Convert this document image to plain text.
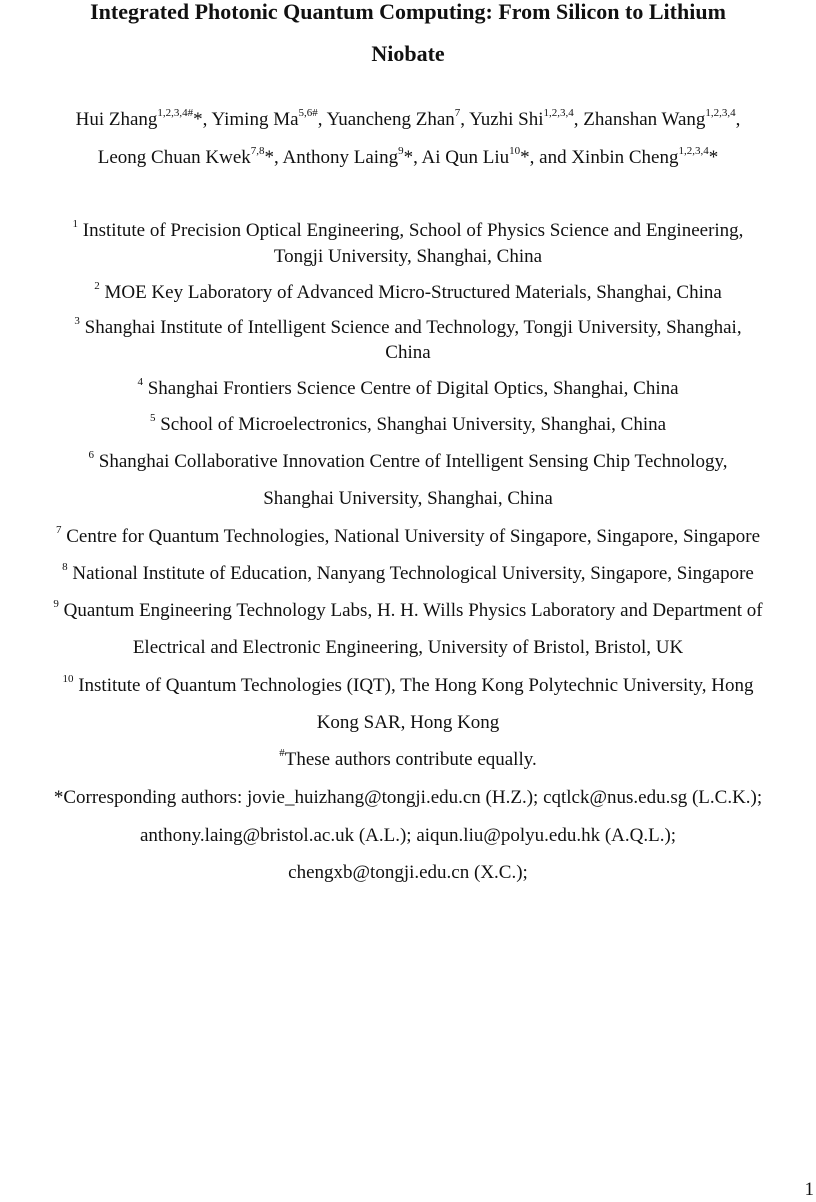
Integrated Photonic Quantum Computing: From Silicon to Lithium
Niobate
Hui Zhang$^{1,2,3,4\#}$*, Yiming $Ma^{5,6\#}$, Yuancheng Zhan$^7$, Yuzhi Shi$^{1,2,3,4}$, Zhanshan Wang$^{1,2,3,4}$,
Leong Chuan Kwek$^{7,8}$*, Anthony Laing$^9$*, Ai Qun Liu$^{10}$*, and Xinbin Cheng$^{1,2,3,4}$*
$^1$ Institute of Precision Optical Engineering, School of Physics Science and Engineering,
Tongji University, Shanghai, China
$^2$ MOE Key Laboratory of Advanced Micro-Structured Materials, Shanghai, China
$^3$ Shanghai Institute of Intelligent Science and Technology, Tongji University, Shanghai,
China
$^4$ Shanghai Frontiers Science Centre of Digital Optics, Shanghai, China
$^5$ School of Microelectronics, Shanghai University, Shanghai, China
$^6$ Shanghai Collaborative Innovation Centre of Intelligent Sensing Chip Technology,
Shanghai University, Shanghai, China
$^7$ Centre for Quantum Technologies, National University of Singapore, Singapore, Singapore
$^8$ National Institute of Education, Nanyang Technological University, Singapore, Singapore
$^9$ Quantum Engineering Technology Labs, H. H. Wills Physics Laboratory and Department of
Electrical and Electronic Engineering, University of Bristol, Bristol, UK
$^{10}$ Institute of Quantum Technologies (IQT), The Hong Kong Polytechnic University, Hong
Kong SAR, Hong Kong
#These authors contribute equally.
*Corresponding authors: jovie_huizhang@tongji.edu.cn (H.Z.); cqtlck@nus.edu.sg (L.C.K.);
anthony.laing@bristol.ac.uk (A.L.); aiqun.liu@polyu.edu.hk (A.Q.L.);
chengxb@tongji.edu.cn (X.C.);
1
